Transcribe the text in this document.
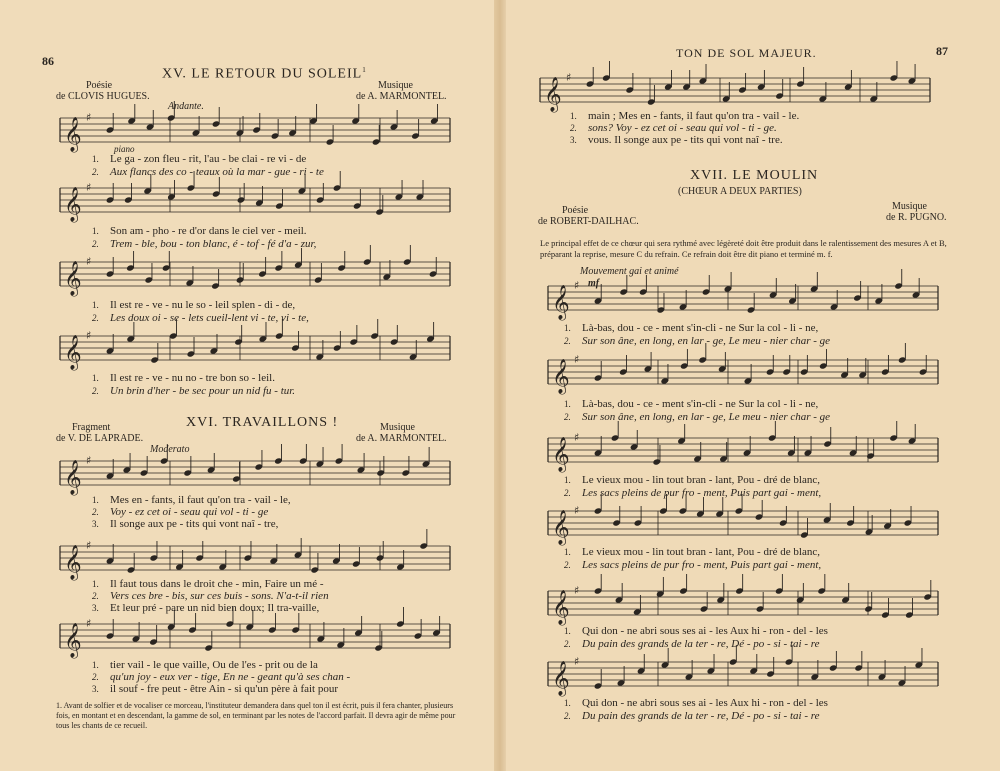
86
XV. LE RETOUR DU SOLEIL$^1$
Poésie
de CLOVIS HUGUES.
Musique
de A. MARMONTEL.
Andante.
piano
𝄞 ♯
𝄞 ♯
𝄞 ♯
𝄞 ♯
1. Le ga - zon fleu - rit, l'au - be clai - re vi - de
2. Aux flancs des co - teaux où la mar - gue - ri - te
1. Son am - pho - re d'or dans le ciel ver - meil.
2. Trem - ble, bou - ton blanc, é - tof - fé d'a - zur,
1. Il est re - ve - nu le so - leil splen - di - de,
2. Les doux oi - se - lets cueil-lent vi - te, vi - te,
1. Il est re - ve - nu no - tre bon so - leil.
2. Un brin d'her - be sec pour un nid fu - tur.
XVI. TRAVAILLONS !
Fragment
de V. DE LAPRADE.
Musique
de A. MARMONTEL.
Moderato
𝄞 ♯
𝄞 ♯
𝄞 ♯
1. Mes en - fants, il faut qu'on tra - vail - le,
2. Voy - ez cet oi - seau qui vol - ti - ge
3. Il songe aux pe - tits qui vont naî - tre,
1. Il faut tous dans le droit che - min, Faire un mé -
2. Vers ces bre - bis, sur ces buis - sons. N'a-t-il rien
3. Et leur pré - pare un nid bien doux; Il tra-vaille,
1. tier vail - le que vaille, Ou de l'es - prit ou de la
2. qu'un joy - eux ver - tige, En ne - geant qu'à ses chan -
3. il souf - fre peut - être Ain - si qu'un père à fait pour
1. Avant de solfier et de vocaliser ce morceau, l'instituteur demandera dans quel ton il est écrit, puis il fera chanter, plusieurs fois, en montant et en descendant, la gamme de sol, en terminant par les notes de l'accord parfait. Il devra agir de même pour tous les chants de ce recueil.
TON DE SOL MAJEUR.	87
𝄞 ♯
1. main ; Mes en - fants, il faut qu'on tra - vail - le.
2. sons? Voy - ez cet oi - seau qui vol - ti - ge.
3. vous. Il songe aux pe - tits qui vont naî - tre.
XVII. LE MOULIN
(CHŒUR A DEUX PARTIES)
Poésie
de ROBERT-DAILHAC.
Musique
de R. PUGNO.
Le principal effet de ce chœur qui sera rythmé avec légèreté doit être produit dans le ralentissement des mesures A et B, préparant la reprise, mesure C du refrain. Ce refrain doit être dit piano et terminé m. f.
Mouvement gai et animé
mf
𝄞 ♯
𝄞 ♯
𝄞 ♯
𝄞 ♯
𝄞 ♯
𝄞 ♯
1. Là-bas, dou - ce - ment s'in-cli - ne Sur la col - li - ne,
2. Sur son âne, en long, en lar - ge, Le meu - nier char - ge
1. Là-bas, dou - ce - ment s'in-cli - ne Sur la col - li - ne,
2. Sur son âne, en long, en lar - ge, Le meu - nier char - ge
1. Le vieux mou - lin tout bran - lant, Pou - dré de blanc,
2. Les sacs pleins de pur fro - ment, Puis part gai - ment,
1. Le vieux mou - lin tout bran - lant, Pou - dré de blanc,
2. Les sacs pleins de pur fro - ment, Puis part gai - ment,
1. Qui don - ne abri sous ses ai - les Aux hi - ron - del - les
2. Du pain des grands de la ter - re, Dé - po - si - tai - re
1. Qui don - ne abri sous ses ai - les Aux hi - ron - del - les
2. Du pain des grands de la ter - re, Dé - po - si - tai - re
